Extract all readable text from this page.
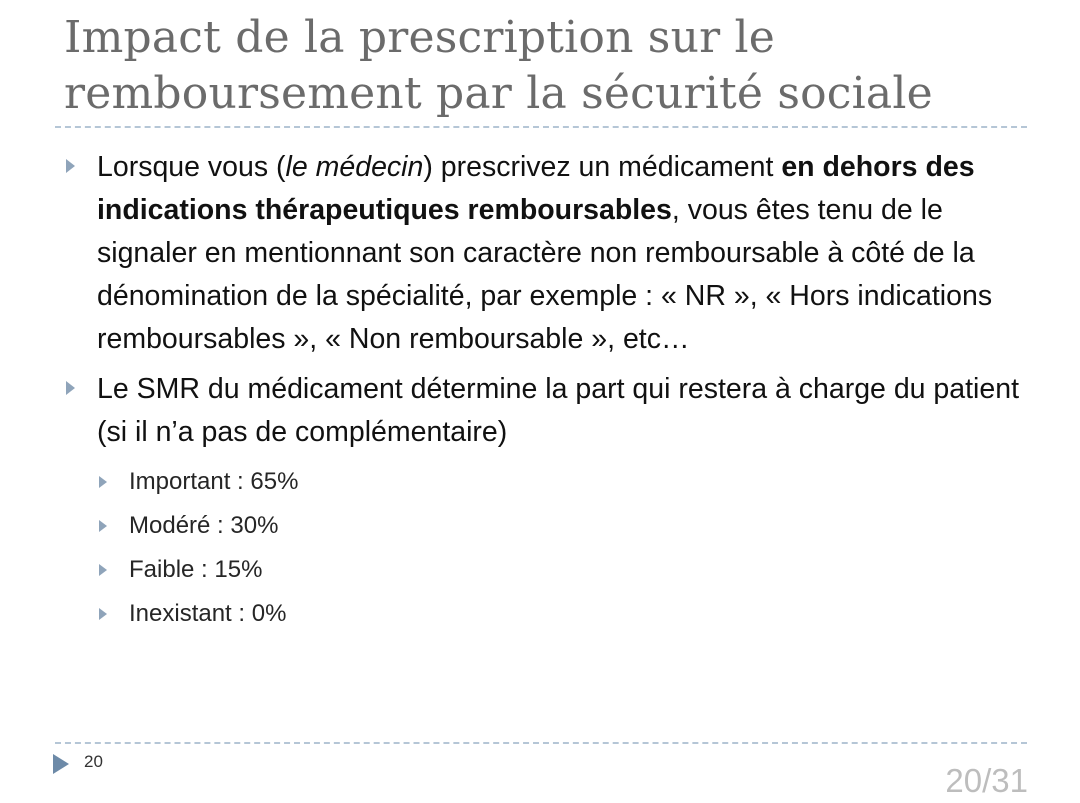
Impact de la prescription sur le remboursement par la sécurité sociale
Lorsque vous (le médecin) prescrivez un médicament en dehors des indications thérapeutiques remboursables, vous êtes tenu de le signaler en mentionnant son caractère non remboursable à côté de la dénomination de la spécialité, par exemple : « NR », « Hors indications remboursables », « Non remboursable », etc…
Le SMR du médicament détermine la part qui restera à charge du patient (si il n’a pas de complémentaire)
Important : 65%
Modéré : 30%
Faible : 15%
Inexistant : 0%
20
20/31
